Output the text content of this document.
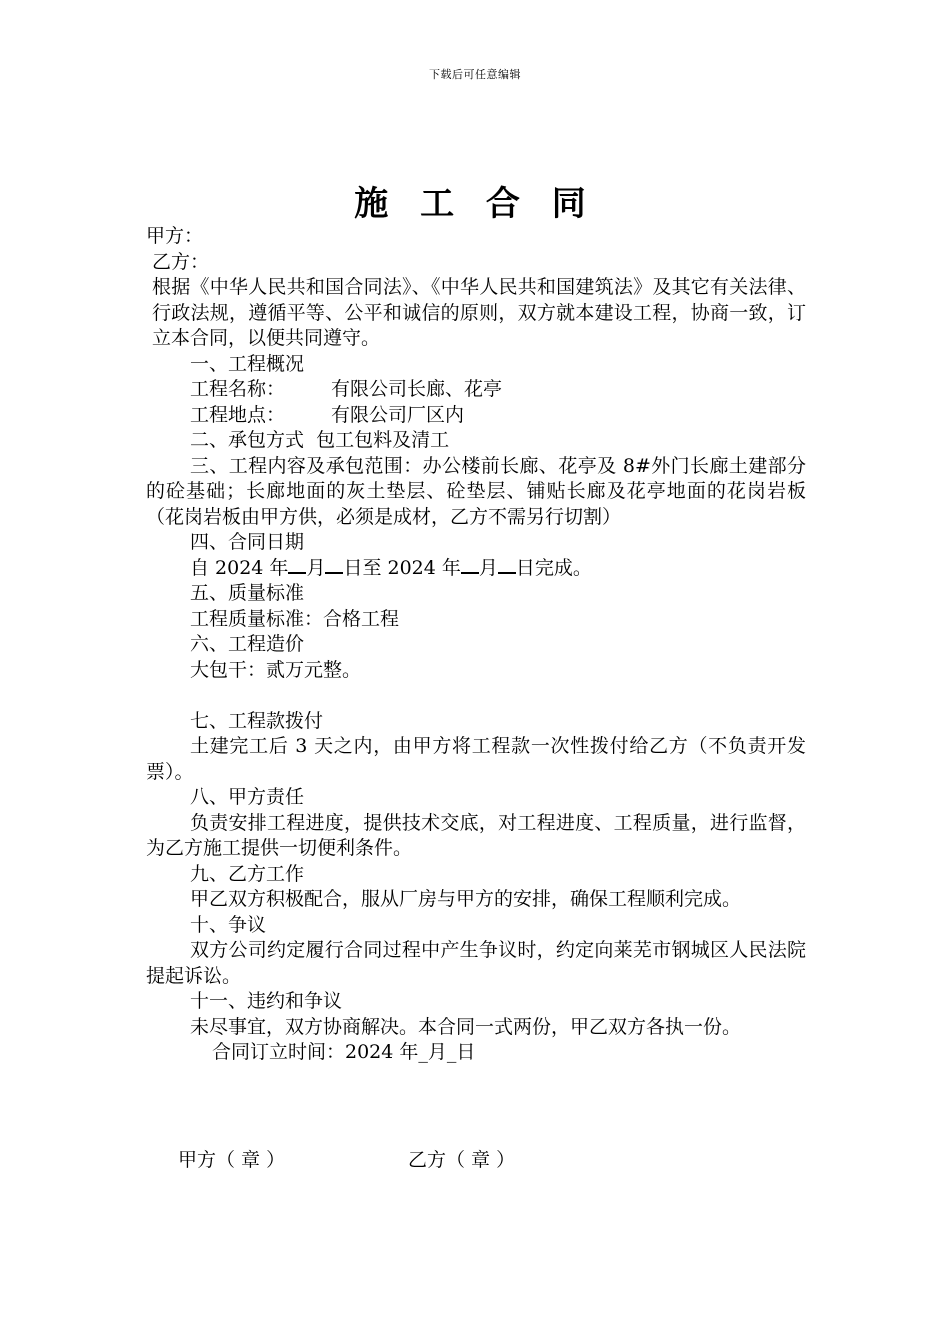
下载后可任意编辑
施 工 合 同
甲方：
乙方：
根据《中华人民共和国合同法》、《中华人民共和国建筑法》及其它有关法律、行政法规，遵循平等、公平和诚信的原则，双方就本建设工程，协商一致，订立本合同，以便共同遵守。
一、工程概况
工程名称： 有限公司长廊、花亭
工程地点： 有限公司厂区内
二、承包方式  包工包料及清工
三、工程内容及承包范围：办公楼前长廊、花亭及 8#外门长廊土建部分的砼基础；长廊地面的灰土垫层、砼垫层、铺贴长廊及花亭地面的花岗岩板（花岗岩板由甲方供，必须是成材，乙方不需另行切割）
四、合同日期
自 2024 年 月 日至 2024 年 月 日完成。
五、质量标准
工程质量标准：合格工程
六、工程造价
大包干：贰万元整。
七、工程款拨付
土建完工后 3 天之内，由甲方将工程款一次性拨付给乙方（不负责开发票）。
八、甲方责任
负责安排工程进度，提供技术交底，对工程进度、工程质量，进行监督，为乙方施工提供一切便利条件。
九、乙方工作
甲乙双方积极配合，服从厂房与甲方的安排，确保工程顺利完成。
十、争议
双方公司约定履行合同过程中产生争议时，约定向莱芜市钢城区人民法院提起诉讼。
十一、违约和争议
未尽事宜，双方协商解决。本合同一式两份，甲乙双方各执一份。
合同订立时间：2024 年_月_日
甲方（ 章 ）	乙方（ 章 ）
